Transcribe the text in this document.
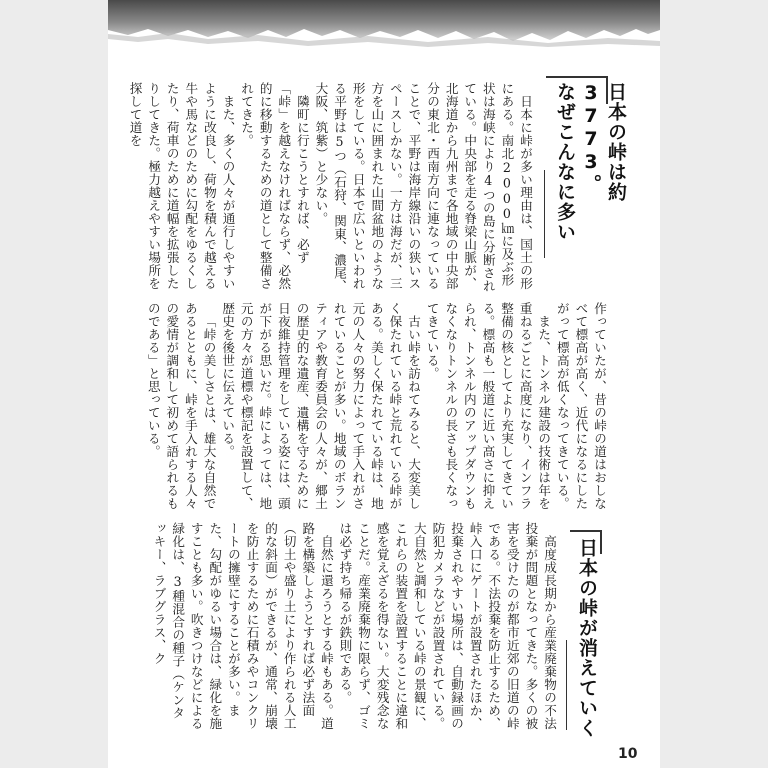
日本の峠は約3773。
なぜこんなに多い
日本に峠が多い理由は、国土の形にある。南北2000㎞に及ぶ形状は海峡により4つの島に分断されている。中央部を走る脊梁山脈が、北海道から九州まで各地域の中央部分の東北・西南方向に連なっていることで、平野は海岸線沿いの狭いスペースしかない。一方は海だが、三方を山に囲まれた山間盆地のような形をしている。日本で広いといわれる平野は5つ（石狩、関東、濃尾、大阪、筑紫）と少ない。
隣町に行こうとすれば、必ず「峠」を越えなければならず、必然的に移動するための道として整備されてきた。
また、多くの人々が通行しやすいように改良し、荷物を積んで越える牛や馬などのために勾配をゆるくしたり、荷車のために道幅を拡張したりしてきた。極力越えやすい場所を探して道を
作っていたが、昔の峠の道はおしなべて標高が高く、近代になるにしたがって標高が低くなってきている。
また、トンネル建設の技術は年を重ねるごとに高度になり、インフラ整備の核としてより充実してきている。標高も一般道に近い高さに抑えられ、トンネル内のアップダウンもなくなりトンネルの長さも長くなってきている。
古い峠を訪ねてみると、大変美しく保たれている峠と荒れている峠がある。美しく保たれている峠は、地元の人々の努力によって手入れがされていることが多い。地域のボランティアや教育委員会の人々が、郷土の歴史的な遺産、遺構を守るために日夜維持管理をしている姿には、頭が下がる思いだ。峠によっては、地元の方々が道標や標記を設置して、歴史を後世に伝えている。
「峠の美しさとは、雄大な自然であるとともに、峠を手入れする人々の愛情が調和して初めて語られるものである」と思っている。
日本の峠が消えていく
高度成長期から産業廃棄物の不法投棄が問題となってきた。多くの被害を受けたのが都市近郊の旧道の峠である。不法投棄を防止するため、峠入口にゲートが設置されたほか、投棄されやすい場所は、自動録画の防犯カメラなどが設置されている。大自然と調和している峠の景観に、これらの装置を設置することに違和感を覚えざるを得ない。大変残念なことだ。産業廃棄物に限らず、ゴミは必ず持ち帰るが鉄則である。
自然に還ろうとする峠もある。道路を構築しようとすれば必ず法面（切土や盛り土により作られる人工的な斜面）ができるが、通常、崩壊を防止するために石積みやコンクリートの擁壁にすることが多い。また、勾配がゆるい場合は、緑化を施すことも多い。吹きつけなどによる緑化は、3種混合の種子（ケンタッキー、ラブグラス、ク
10
